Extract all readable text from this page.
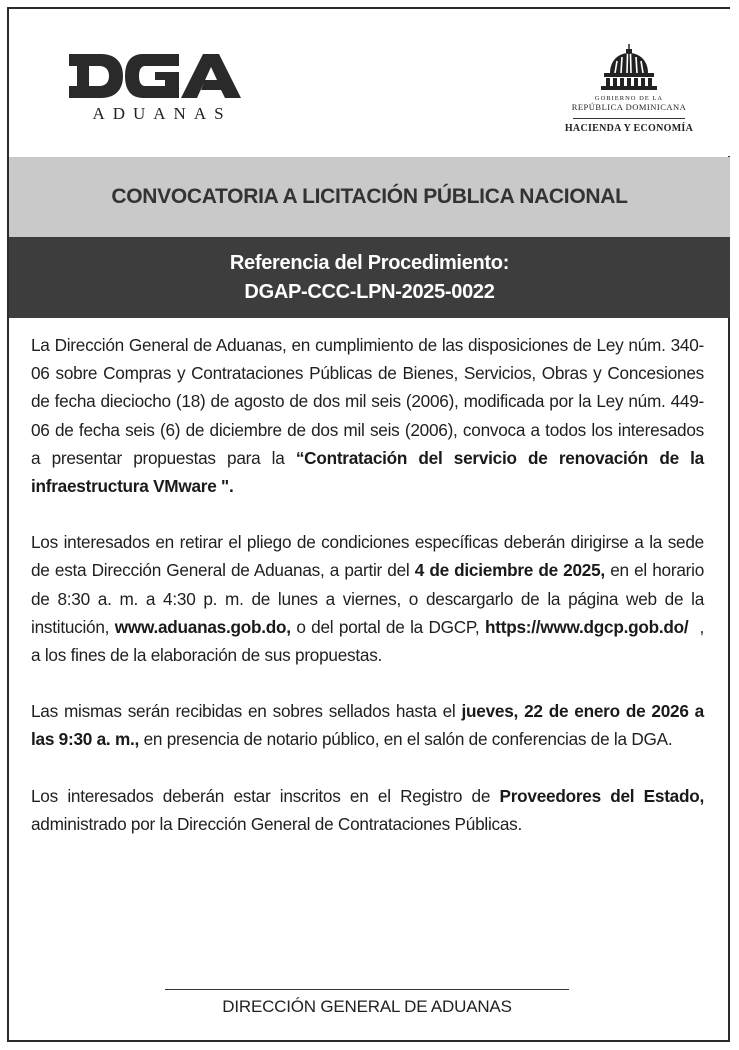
ADUANAS
GOBIERNO DE LA
REPÚBLICA DOMINICANA
HACIENDA Y ECONOMÍA
CONVOCATORIA A LICITACIÓN PÚBLICA NACIONAL
Referencia del Procedimiento:
DGAP-CCC-LPN-2025-0022

La Dirección General de Aduanas, en cumplimiento de las disposiciones de Ley núm. 340-06 sobre Compras y Contrataciones Públicas de Bienes, Servicios, Obras y Concesiones de fecha dieciocho (18) de agosto de dos mil seis (2006), modificada por la Ley núm. 449-06 de fecha seis (6) de diciembre de dos mil seis (2006), convoca a todos los interesados a presentar propuestas para la “Contratación del servicio de renovación de la infraestructura VMware ".

Los interesados en retirar el pliego de condiciones específicas deberán dirigirse a la sede de esta Dirección General de Aduanas, a partir del 4 de diciembre de 2025, en el horario de 8:30 a. m. a 4:30 p. m. de lunes a viernes, o descargarlo de la página web de la institución, www.aduanas.gob.do, o del portal de la DGCP, https://www.dgcp.gob.do/  , a los fines de la elaboración de sus propuestas.

Las mismas serán recibidas en sobres sellados hasta el jueves, 22 de enero de 2026 a las 9:30 a. m., en presencia de notario público, en el salón de conferencias de la DGA.

Los interesados deberán estar inscritos en el Registro de Proveedores del Estado, administrado por la Dirección General de Contrataciones Públicas.

DIRECCIÓN GENERAL DE ADUANAS
